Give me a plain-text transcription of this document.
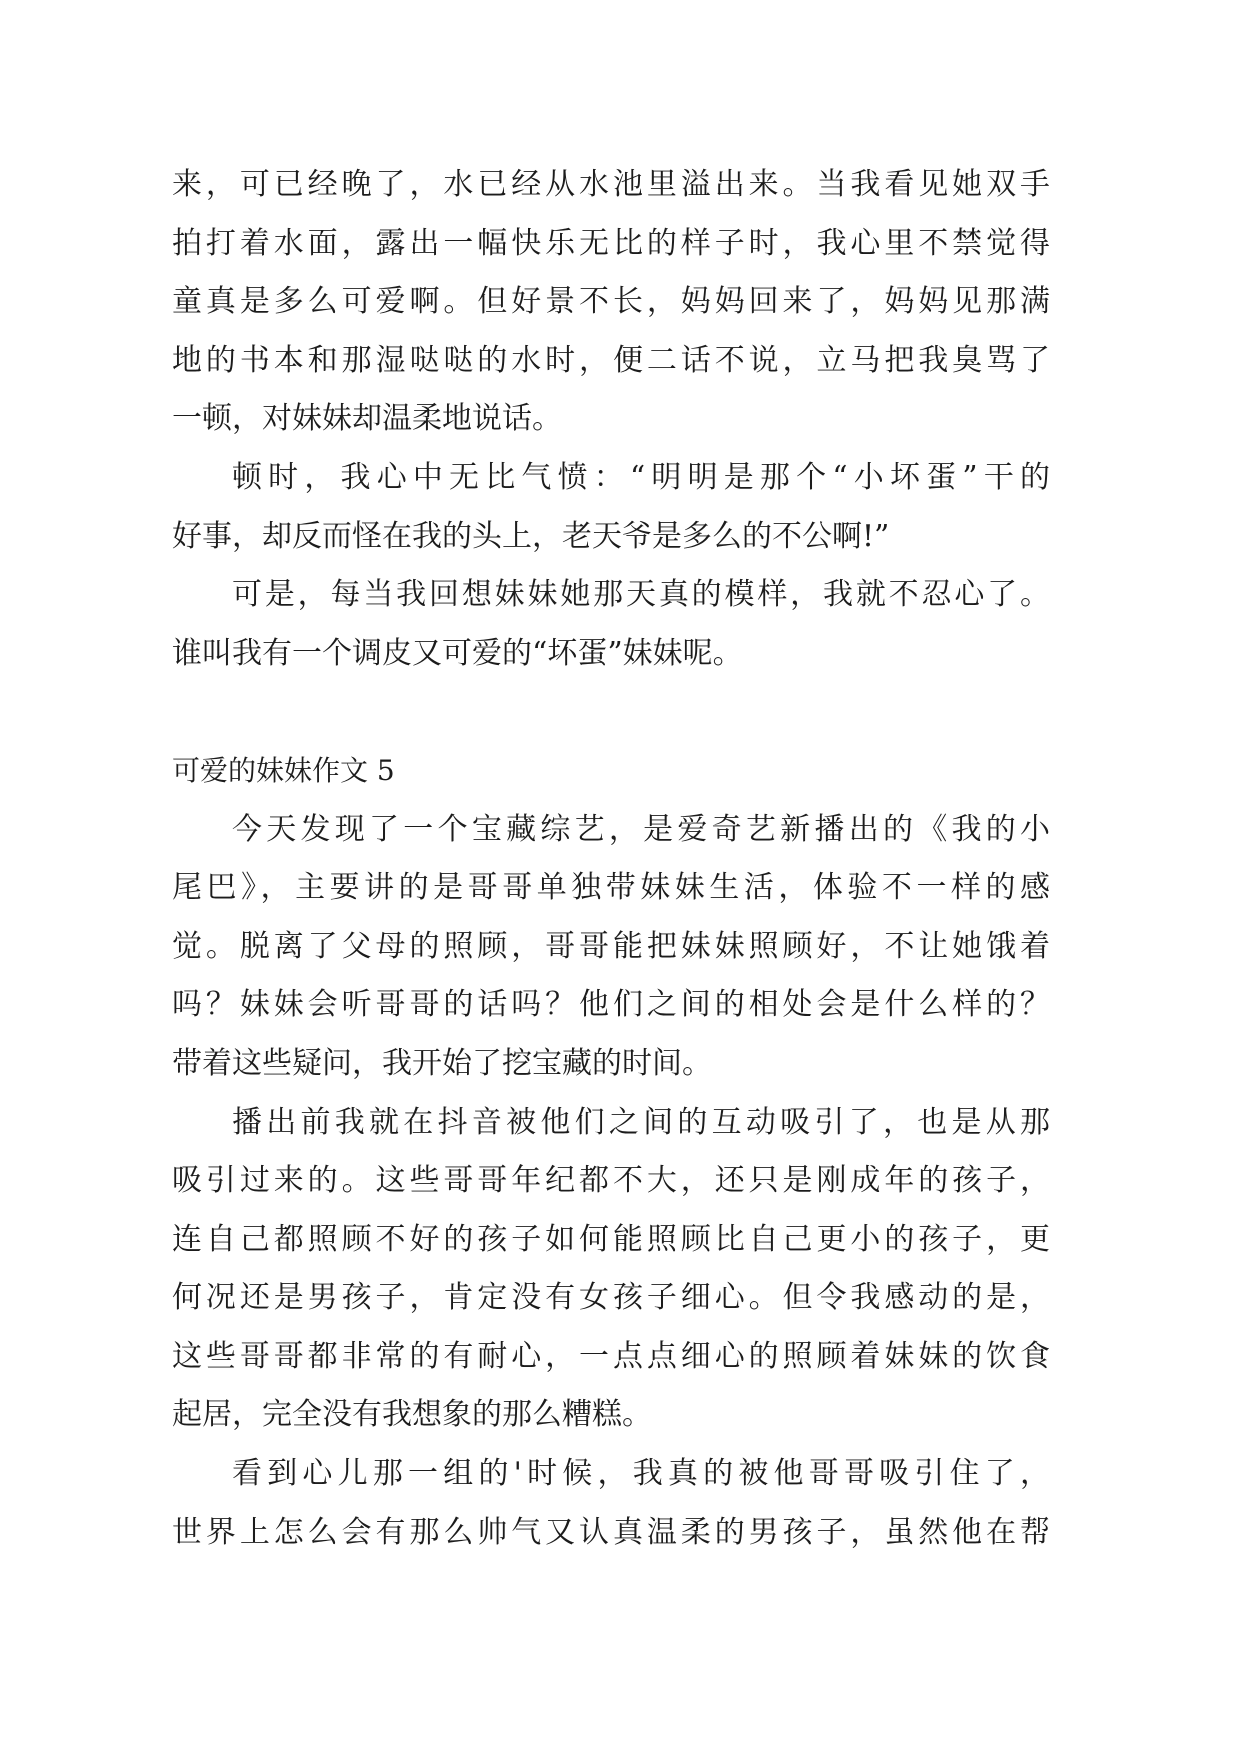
来，可已经晚了，水已经从水池里溢出来。当我看见她双手
拍打着水面，露出一幅快乐无比的样子时，我心里不禁觉得
童真是多么可爱啊。但好景不长，妈妈回来了，妈妈见那满
地的书本和那湿哒哒的水时，便二话不说，立马把我臭骂了
一顿，对妹妹却温柔地说话。
顿时，我心中无比气愤：“明明是那个“小坏蛋”干的
好事，却反而怪在我的头上，老天爷是多么的不公啊!”
可是，每当我回想妹妹她那天真的模样，我就不忍心了。
谁叫我有一个调皮又可爱的“坏蛋”妹妹呢。
可爱的妹妹作文 5
今天发现了一个宝藏综艺，是爱奇艺新播出的《我的小
尾巴》，主要讲的是哥哥单独带妹妹生活，体验不一样的感
觉。脱离了父母的照顾，哥哥能把妹妹照顾好，不让她饿着
吗？妹妹会听哥哥的话吗？他们之间的相处会是什么样的？
带着这些疑问，我开始了挖宝藏的时间。
播出前我就在抖音被他们之间的互动吸引了，也是从那
吸引过来的。这些哥哥年纪都不大，还只是刚成年的孩子，
连自己都照顾不好的孩子如何能照顾比自己更小的孩子，更
何况还是男孩子，肯定没有女孩子细心。但令我感动的是，
这些哥哥都非常的有耐心，一点点细心的照顾着妹妹的饮食
起居，完全没有我想象的那么糟糕。
看到心儿那一组的'时候，我真的被他哥哥吸引住了，
世界上怎么会有那么帅气又认真温柔的男孩子，虽然他在帮
